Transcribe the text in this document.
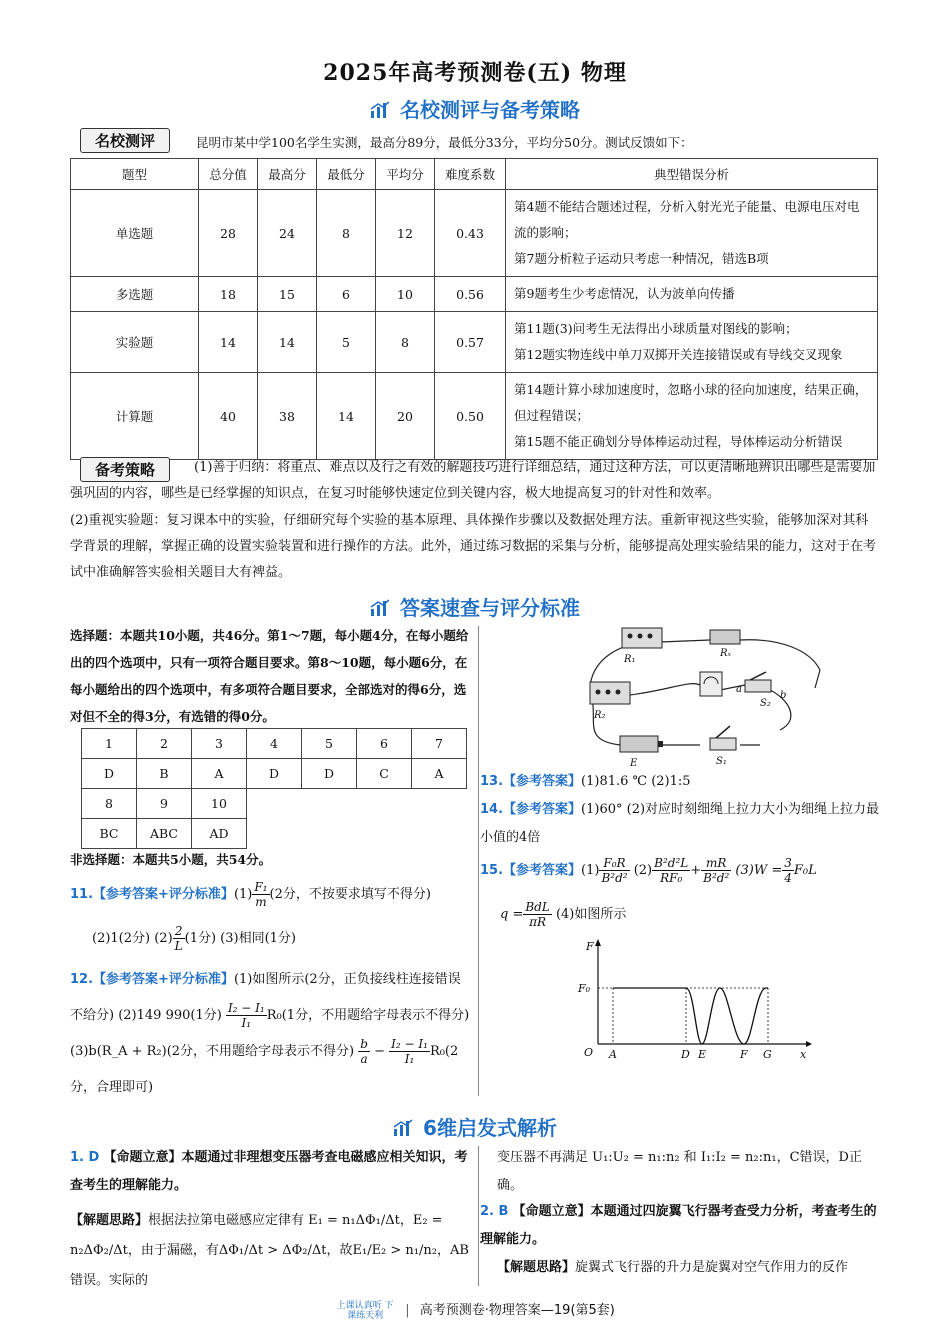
2025年高考预测卷(五) 物理
名校测评与备考策略
名校测评	昆明市某中学100名学生实测，最高分89分，最低分33分，平均分50分。测试反馈如下：
题型	总分值	最高分	最低分	平均分	难度系数	典型错误分析
单选题	28	24	8	12	0.43	第4题不能结合题述过程，分析入射光光子能量、电源电压对电流的影响；
第7题分析粒子运动只考虑一种情况，错选B项

多选题	18	15	6	10	0.56	第9题考生少考虑情况，认为波单向传播

实验题	14	14	5	8	0.57	第11题(3)问考生无法得出小球质量对图线的影响；
第12题实物连线中单刀双掷开关连接错误或有导线交叉现象

计算题	40	38	14	20	0.50	第14题计算小球加速度时，忽略小球的径向加速度，结果正确，但过程错误；
第15题不能正确划分导体棒运动过程，导体棒运动分析错误
备考策略	(1)善于归纳：将重点、难点以及行之有效的解题技巧进行详细总结，通过这种方法，可以更清晰地辨识出哪些是需要加强巩固的内容，哪些是已经掌握的知识点，在复习时能够快速定位到关键内容，极大地提高复习的针对性和效率。
(2)重视实验题：复习课本中的实验，仔细研究每个实验的基本原理、具体操作步骤以及数据处理方法。重新审视这些实验，能够加深对其科学背景的理解，掌握正确的设置实验装置和进行操作的方法。此外，通过练习数据的采集与分析，能够提高处理实验结果的能力，这对于在考试中准确解答实验相关题目大有裨益。
答案速查与评分标准
选择题：本题共10小题，共46分。第1～7题，每小题4分，在每小题给出的四个选项中，只有一项符合题目要求。第8～10题，每小题6分，在每小题给出的四个选项中，有多项符合题目要求，全部选对的得6分，选对但不全的得3分，有选错的得0分。
1	2	3	4	5	6	7
D	B	A	D	D	C	A
8	9	10				
BC	ABC	AD				
非选择题：本题共5小题，共54分。
11.【参考答案+评分标准】$(1) \frac{\text{F₁}}{m} (2$分，不按要求填写不得分)
(2)1(2分) $(2) \frac{2}{L} (1$分) (3)相同(1分)
12.【参考答案+评分标准】(1)如图所示(2分，正负接线柱连接错误不给分) (2)149 990(1分) $\frac{\text{I₂ − I₁}}{\text{I₁}} R_0(1$分，不用题给字母表示不得分) (3)b(R_A + R₂)(2分，不用题给字母表示不得分) $\frac{b}{a} - \frac{\text{I₂ − I₁}}{\text{I₁}} R_0(2$分，合理即可)
R₁
Rₓ
R₂
S₂
a
b
E	S₁
13.【参考答案】(1)81.6 ℃ (2)1:5
14.【参考答案】(1)60° (2)对应时刻细绳上拉力大小为细绳上拉力最小值的4倍
15.【参考答案】$(1) \frac{\text{F₀R}}{\text{B²d²}} (2) \frac{\text{B²d²L}}{\text{RF₀}} + \frac{mR}{\text{B²d²}} (3)W = \frac{3}{4} F_0L$
$q = \frac{\text{BdL}}{\pi R} (4)$如图所示
F
F₀
O A	D E	F G	x
6维启发式解析
1. D 【命题立意】本题通过非理想变压器考查电磁感应相关知识，考查考生的理解能力。
【解题思路】根据法拉第电磁感应定律有 E₁ = n₁ΔΦ₁/Δt，E₂ = n₂ΔΦ₂/Δt，由于漏磁，有ΔΦ₁/Δt > ΔΦ₂/Δt，故E₁/E₂ > n₁/n₂，AB错误。实际的
变压器不再满足 U₁:U₂ = n₁:n₂ 和 I₁:I₂ = n₂:n₁，C错误，D正确。
2. B 【命题立意】本题通过四旋翼飞行器考查受力分析，考查考生的理解能力。
【解题思路】旋翼式飞行器的升力是旋翼对空气作用力的反作
上课认真听 下课练天利 | 高考预测卷·物理答案—19(第5套)
